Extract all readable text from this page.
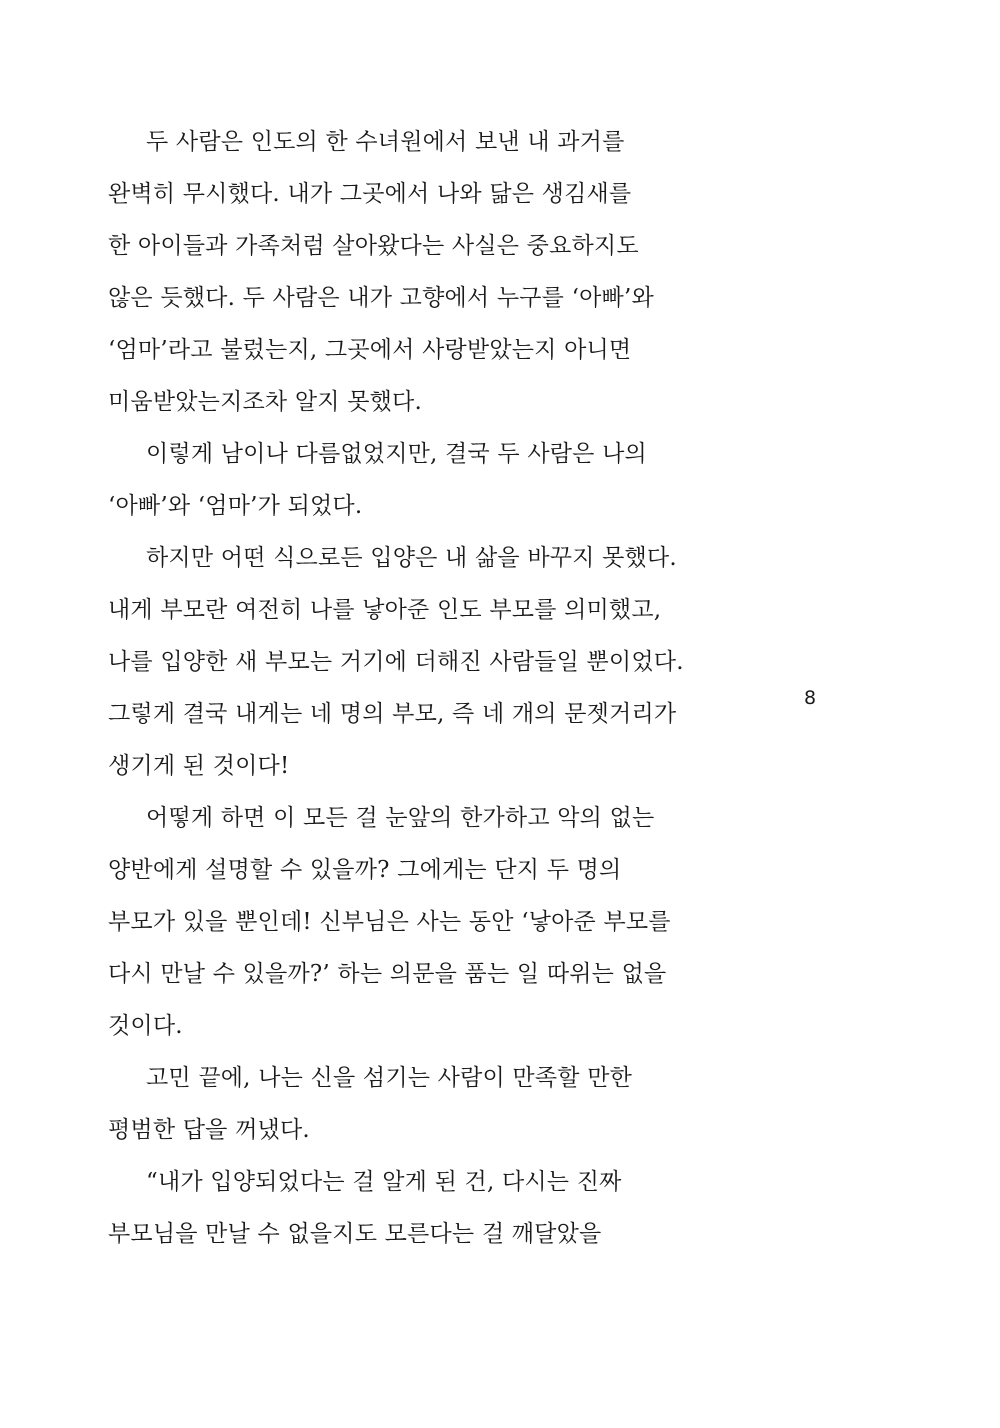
두 사람은 인도의 한 수녀원에서 보낸 내 과거를
완벽히 무시했다. 내가 그곳에서 나와 닮은 생김새를
한 아이들과 가족처럼 살아왔다는 사실은 중요하지도
않은 듯했다. 두 사람은 내가 고향에서 누구를 ‘아빠’와
‘엄마’라고 불렀는지, 그곳에서 사랑받았는지 아니면
미움받았는지조차 알지 못했다.
이렇게 남이나 다름없었지만, 결국 두 사람은 나의
‘아빠’와 ‘엄마’가 되었다.
하지만 어떤 식으로든 입양은 내 삶을 바꾸지 못했다.
내게 부모란 여전히 나를 낳아준 인도 부모를 의미했고,
나를 입양한 새 부모는 거기에 더해진 사람들일 뿐이었다.
그렇게 결국 내게는 네 명의 부모, 즉 네 개의 문젯거리가
생기게 된 것이다!
어떻게 하면 이 모든 걸 눈앞의 한가하고 악의 없는
양반에게 설명할 수 있을까? 그에게는 단지 두 명의
부모가 있을 뿐인데! 신부님은 사는 동안 ‘낳아준 부모를
다시 만날 수 있을까?’ 하는 의문을 품는 일 따위는 없을
것이다.
고민 끝에, 나는 신을 섬기는 사람이 만족할 만한
평범한 답을 꺼냈다.
“내가 입양되었다는 걸 알게 된 건, 다시는 진짜
부모님을 만날 수 없을지도 모른다는 걸 깨달았을
8
